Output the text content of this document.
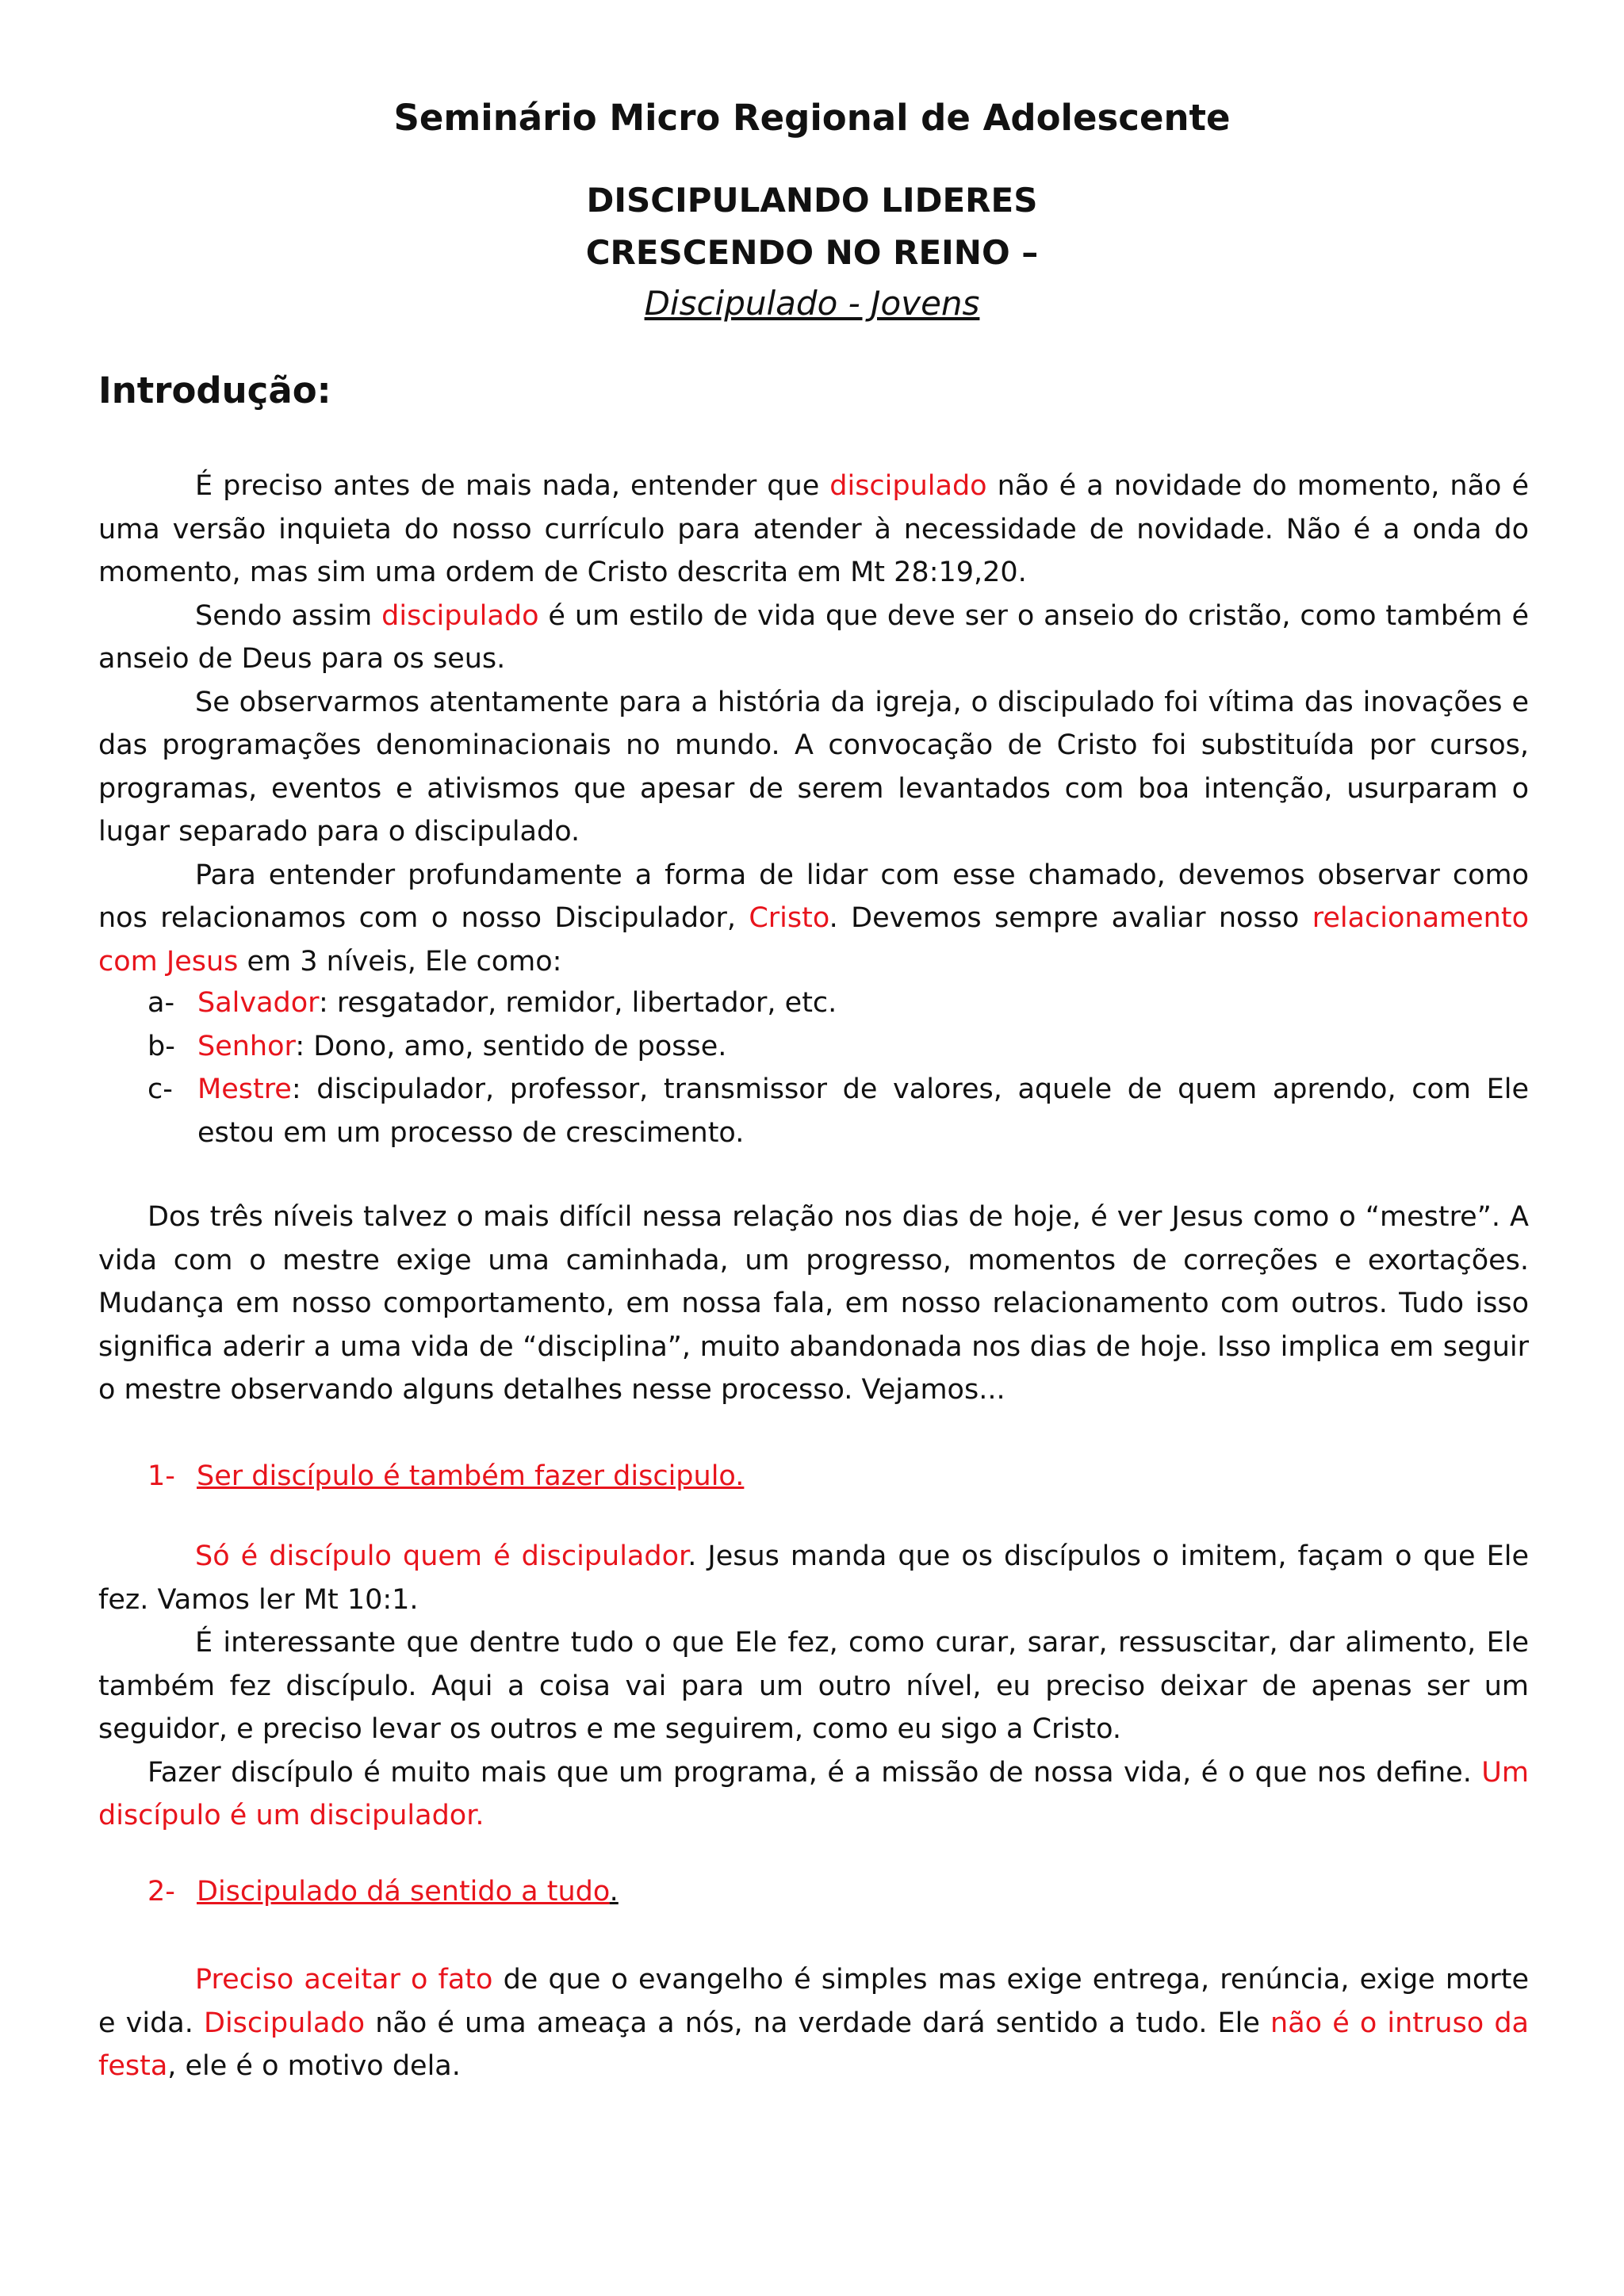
Seminário Micro Regional de Adolescente
DISCIPULANDO LIDERES
CRESCENDO NO REINO –
Discipulado - Jovens
Introdução:

É preciso antes de mais nada, entender que discipulado não é a novidade do momento, não é uma versão inquieta do nosso currículo para atender à necessidade de novidade. Não é a onda do momento, mas sim uma ordem de Cristo descrita em Mt 28:19,20.

Sendo assim discipulado é um estilo de vida que deve ser o anseio do cristão, como também é anseio de Deus para os seus.

Se observarmos atentamente para a história da igreja, o discipulado foi vítima das inovações e das programações denominacionais no mundo. A convocação de Cristo foi substituída por cursos, programas, eventos e ativismos que apesar de serem levantados com boa intenção, usurparam o lugar separado para o discipulado.

Para entender profundamente a forma de lidar com esse chamado, devemos observar como nos relacionamos com o nosso Discipulador, Cristo. Devemos sempre avaliar nosso relacionamento com Jesus em 3 níveis, Ele como:

a- Salvador: resgatador, remidor, libertador, etc.
b- Senhor: Dono, amo, sentido de posse.
c- Mestre: discipulador, professor, transmissor de valores, aquele de quem aprendo, com Ele estou em um processo de crescimento.

Dos três níveis talvez o mais difícil nessa relação nos dias de hoje, é ver Jesus como o “mestre”. A vida com o mestre exige uma caminhada, um progresso, momentos de correções e exortações. Mudança em nosso comportamento, em nossa fala, em nosso relacionamento com outros. Tudo isso significa aderir a uma vida de “disciplina”, muito abandonada nos dias de hoje. Isso implica em seguir o mestre observando alguns detalhes nesse processo. Vejamos...

1- Ser discípulo é também fazer discipulo.

Só é discípulo quem é discipulador. Jesus manda que os discípulos o imitem, façam o que Ele fez. Vamos ler Mt 10:1.

É interessante que dentre tudo o que Ele fez, como curar, sarar, ressuscitar, dar alimento, Ele também fez discípulo. Aqui a coisa vai para um outro nível, eu preciso deixar de apenas ser um seguidor, e preciso levar os outros e me seguirem, como eu sigo a Cristo.

Fazer discípulo é muito mais que um programa, é a missão de nossa vida, é o que nos define. Um discípulo é um discipulador.

2- Discipulado dá sentido a tudo.

Preciso aceitar o fato de que o evangelho é simples mas exige entrega, renúncia, exige morte e vida. Discipulado não é uma ameaça a nós, na verdade dará sentido a tudo. Ele não é o intruso da festa, ele é o motivo dela.
